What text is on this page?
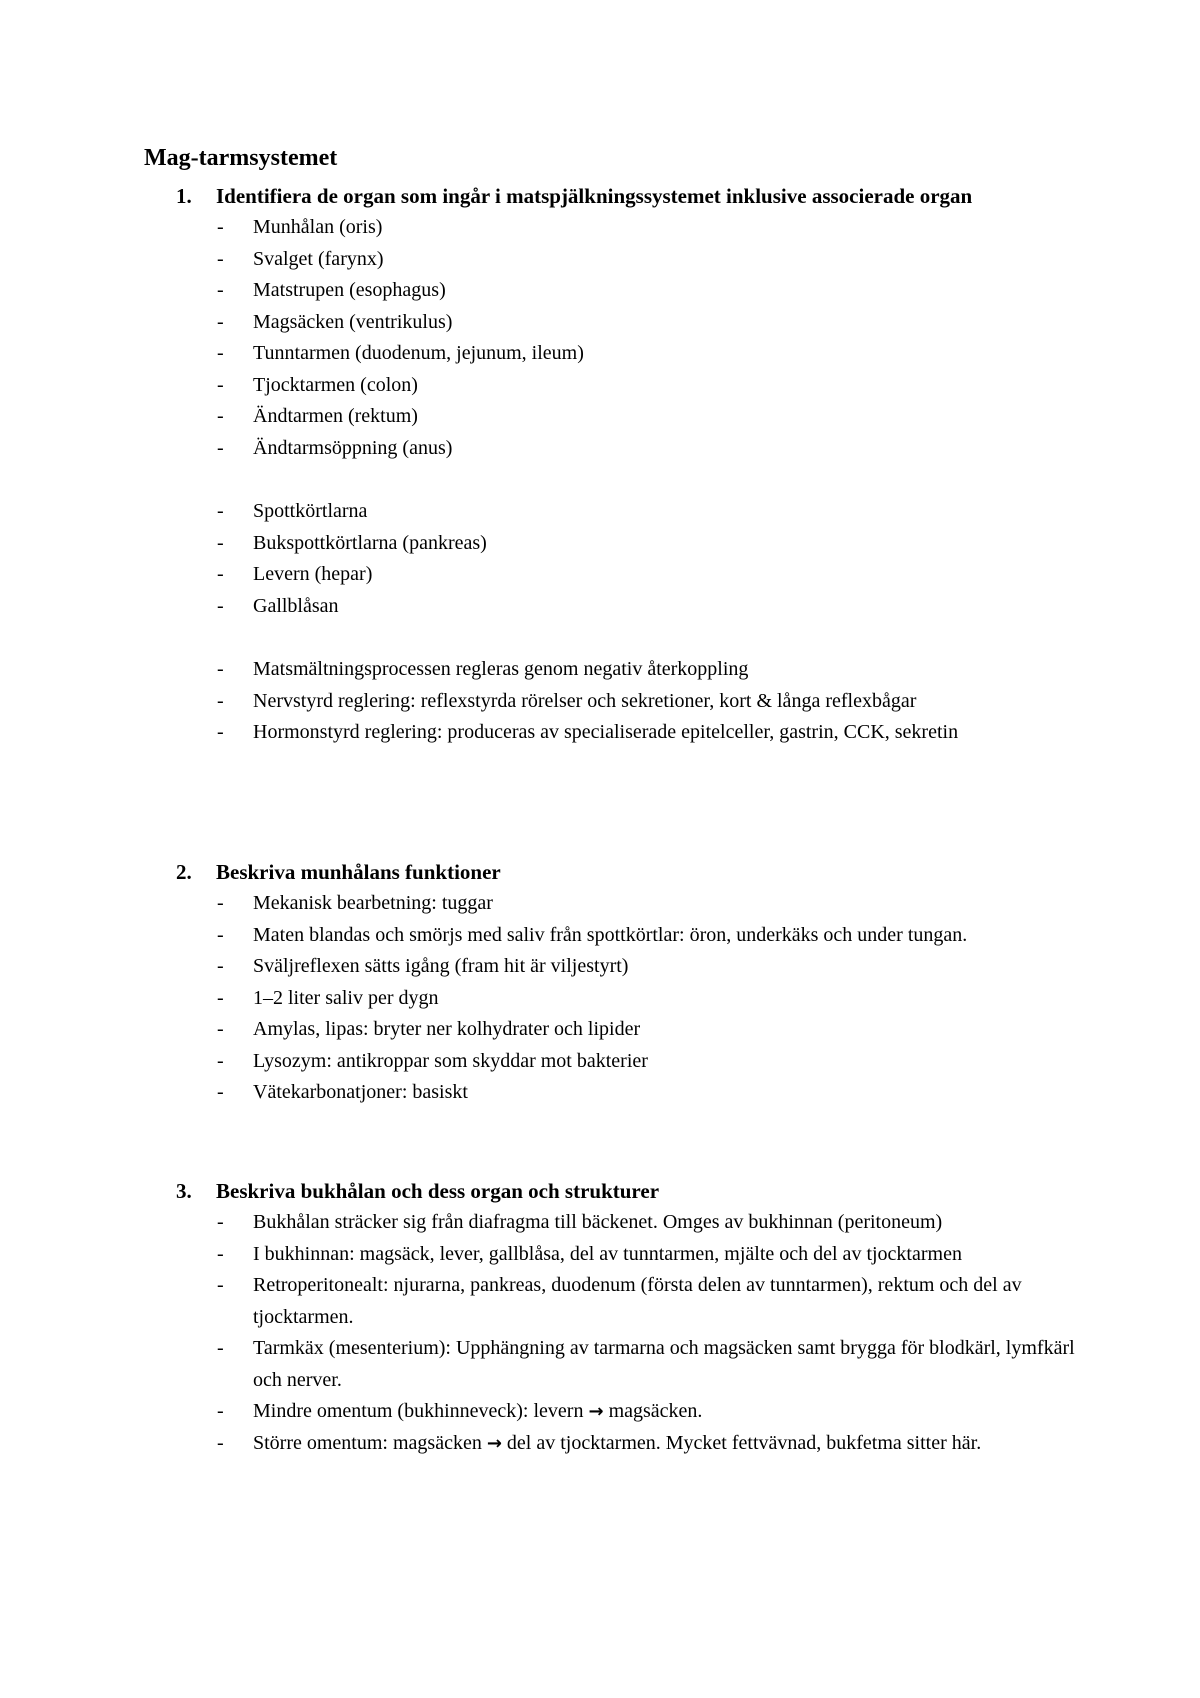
Mag-tarmsystemet
1. Identifiera de organ som ingår i matspjälkningssystemet inklusive associerade organ
- Munhålan (oris)
- Svalget (farynx)
- Matstrupen (esophagus)
- Magsäcken (ventrikulus)
- Tunntarmen (duodenum, jejunum, ileum)
- Tjocktarmen (colon)
- Ändtarmen (rektum)
- Ändtarmsöppning (anus)
- Spottkörtlarna
- Bukspottkörtlarna (pankreas)
- Levern (hepar)
- Gallblåsan
- Matsmältningsprocessen regleras genom negativ återkoppling
- Nervstyrd reglering: reflexstyrda rörelser och sekretioner, kort & långa reflexbågar
- Hormonstyrd reglering: produceras av specialiserade epitelceller, gastrin, CCK, sekretin
2. Beskriva munhålans funktioner
- Mekanisk bearbetning: tuggar
- Maten blandas och smörjs med saliv från spottkörtlar: öron, underkäks och under tungan.
- Sväljreflexen sätts igång (fram hit är viljestyrt)
- 1–2 liter saliv per dygn
- Amylas, lipas: bryter ner kolhydrater och lipider
- Lysozym: antikroppar som skyddar mot bakterier
- Vätekarbonatjoner: basiskt
3. Beskriva bukhålan och dess organ och strukturer
- Bukhålan sträcker sig från diafragma till bäckenet. Omges av bukhinnan (peritoneum)
- I bukhinnan: magsäck, lever, gallblåsa, del av tunntarmen, mjälte och del av tjocktarmen
- Retroperitonealt: njurarna, pankreas, duodenum (första delen av tunntarmen), rektum och del av tjocktarmen.
- Tarmkäx (mesenterium): Upphängning av tarmarna och magsäcken samt brygga för blodkärl, lymfkärl och nerver.
- Mindre omentum (bukhinneveck): levern → magsäcken.
- Större omentum: magsäcken → del av tjocktarmen. Mycket fettvävnad, bukfetma sitter här.
